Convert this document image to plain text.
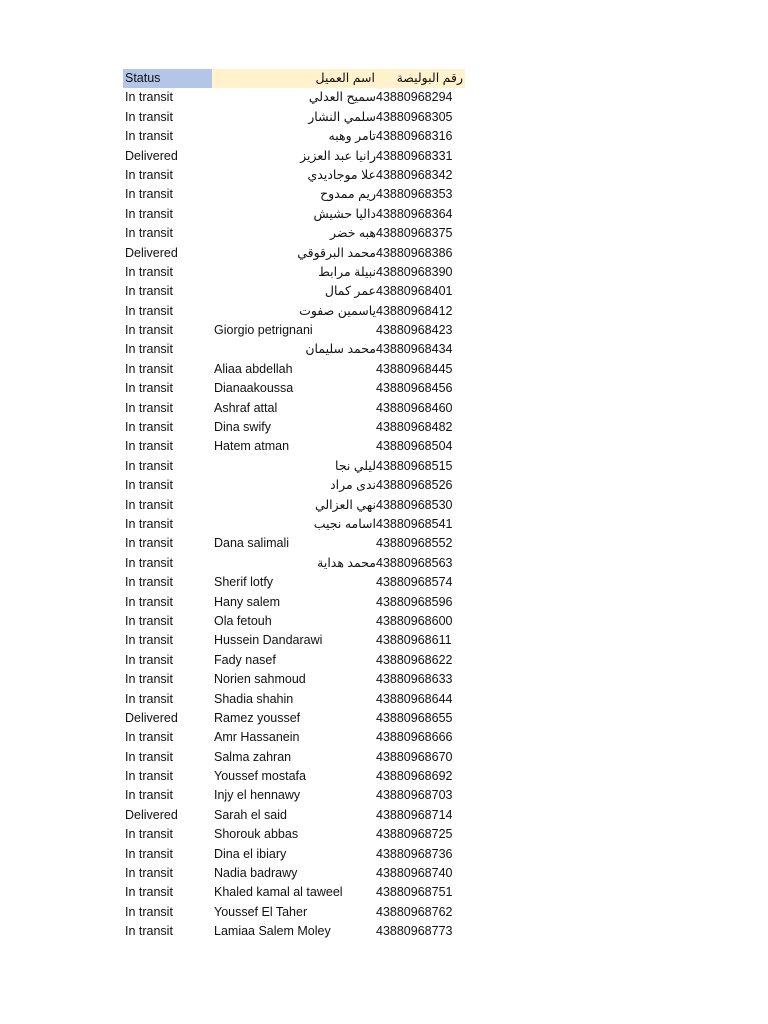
Status	اسم العميل	رقم البوليصة
In transit	سميح العدلي 43880968294
In transit	سلمي النشار 43880968305
In transit	تامر وهبه 43880968316
Delivered	رانيا عبد العزيز 43880968331
In transit	علا موجاديدي 43880968342
In transit	ريم ممدوح 43880968353
In transit	داليا حشيش 43880968364
In transit	هبه خضر 43880968375
Delivered	محمد البرقوقي 43880968386
In transit	نبيلة مرابط 43880968390
In transit	عمر كمال 43880968401
In transit	ياسمين صفوت 43880968412
In transit	Giorgio petrignani	43880968423
In transit	محمد سليمان 43880968434
In transit	Aliaa abdellah	43880968445
In transit	Dianaakoussa	43880968456
In transit	Ashraf attal	43880968460
In transit	Dina swify	43880968482
In transit	Hatem atman	43880968504
In transit	ليلي نجا 43880968515
In transit	ندى مراد 43880968526
In transit	نهي العزالي 43880968530
In transit	اسامه نجيب 43880968541
In transit	Dana salimali	43880968552
In transit	محمد هداية 43880968563
In transit	Sherif lotfy	43880968574
In transit	Hany salem	43880968596
In transit	Ola fetouh	43880968600
In transit	Hussein Dandarawi	43880968611
In transit	Fady nasef	43880968622
In transit	Norien sahmoud	43880968633
In transit	Shadia shahin	43880968644
Delivered	Ramez youssef	43880968655
In transit	Amr Hassanein	43880968666
In transit	Salma zahran	43880968670
In transit	Youssef mostafa	43880968692
In transit	Injy el hennawy	43880968703
Delivered	Sarah el said	43880968714
In transit	Shorouk abbas	43880968725
In transit	Dina el ibiary	43880968736
In transit	Nadia badrawy	43880968740
In transit	Khaled kamal al taweel	43880968751
In transit	Youssef El Taher	43880968762
In transit	Lamiaa Salem Moley	43880968773
